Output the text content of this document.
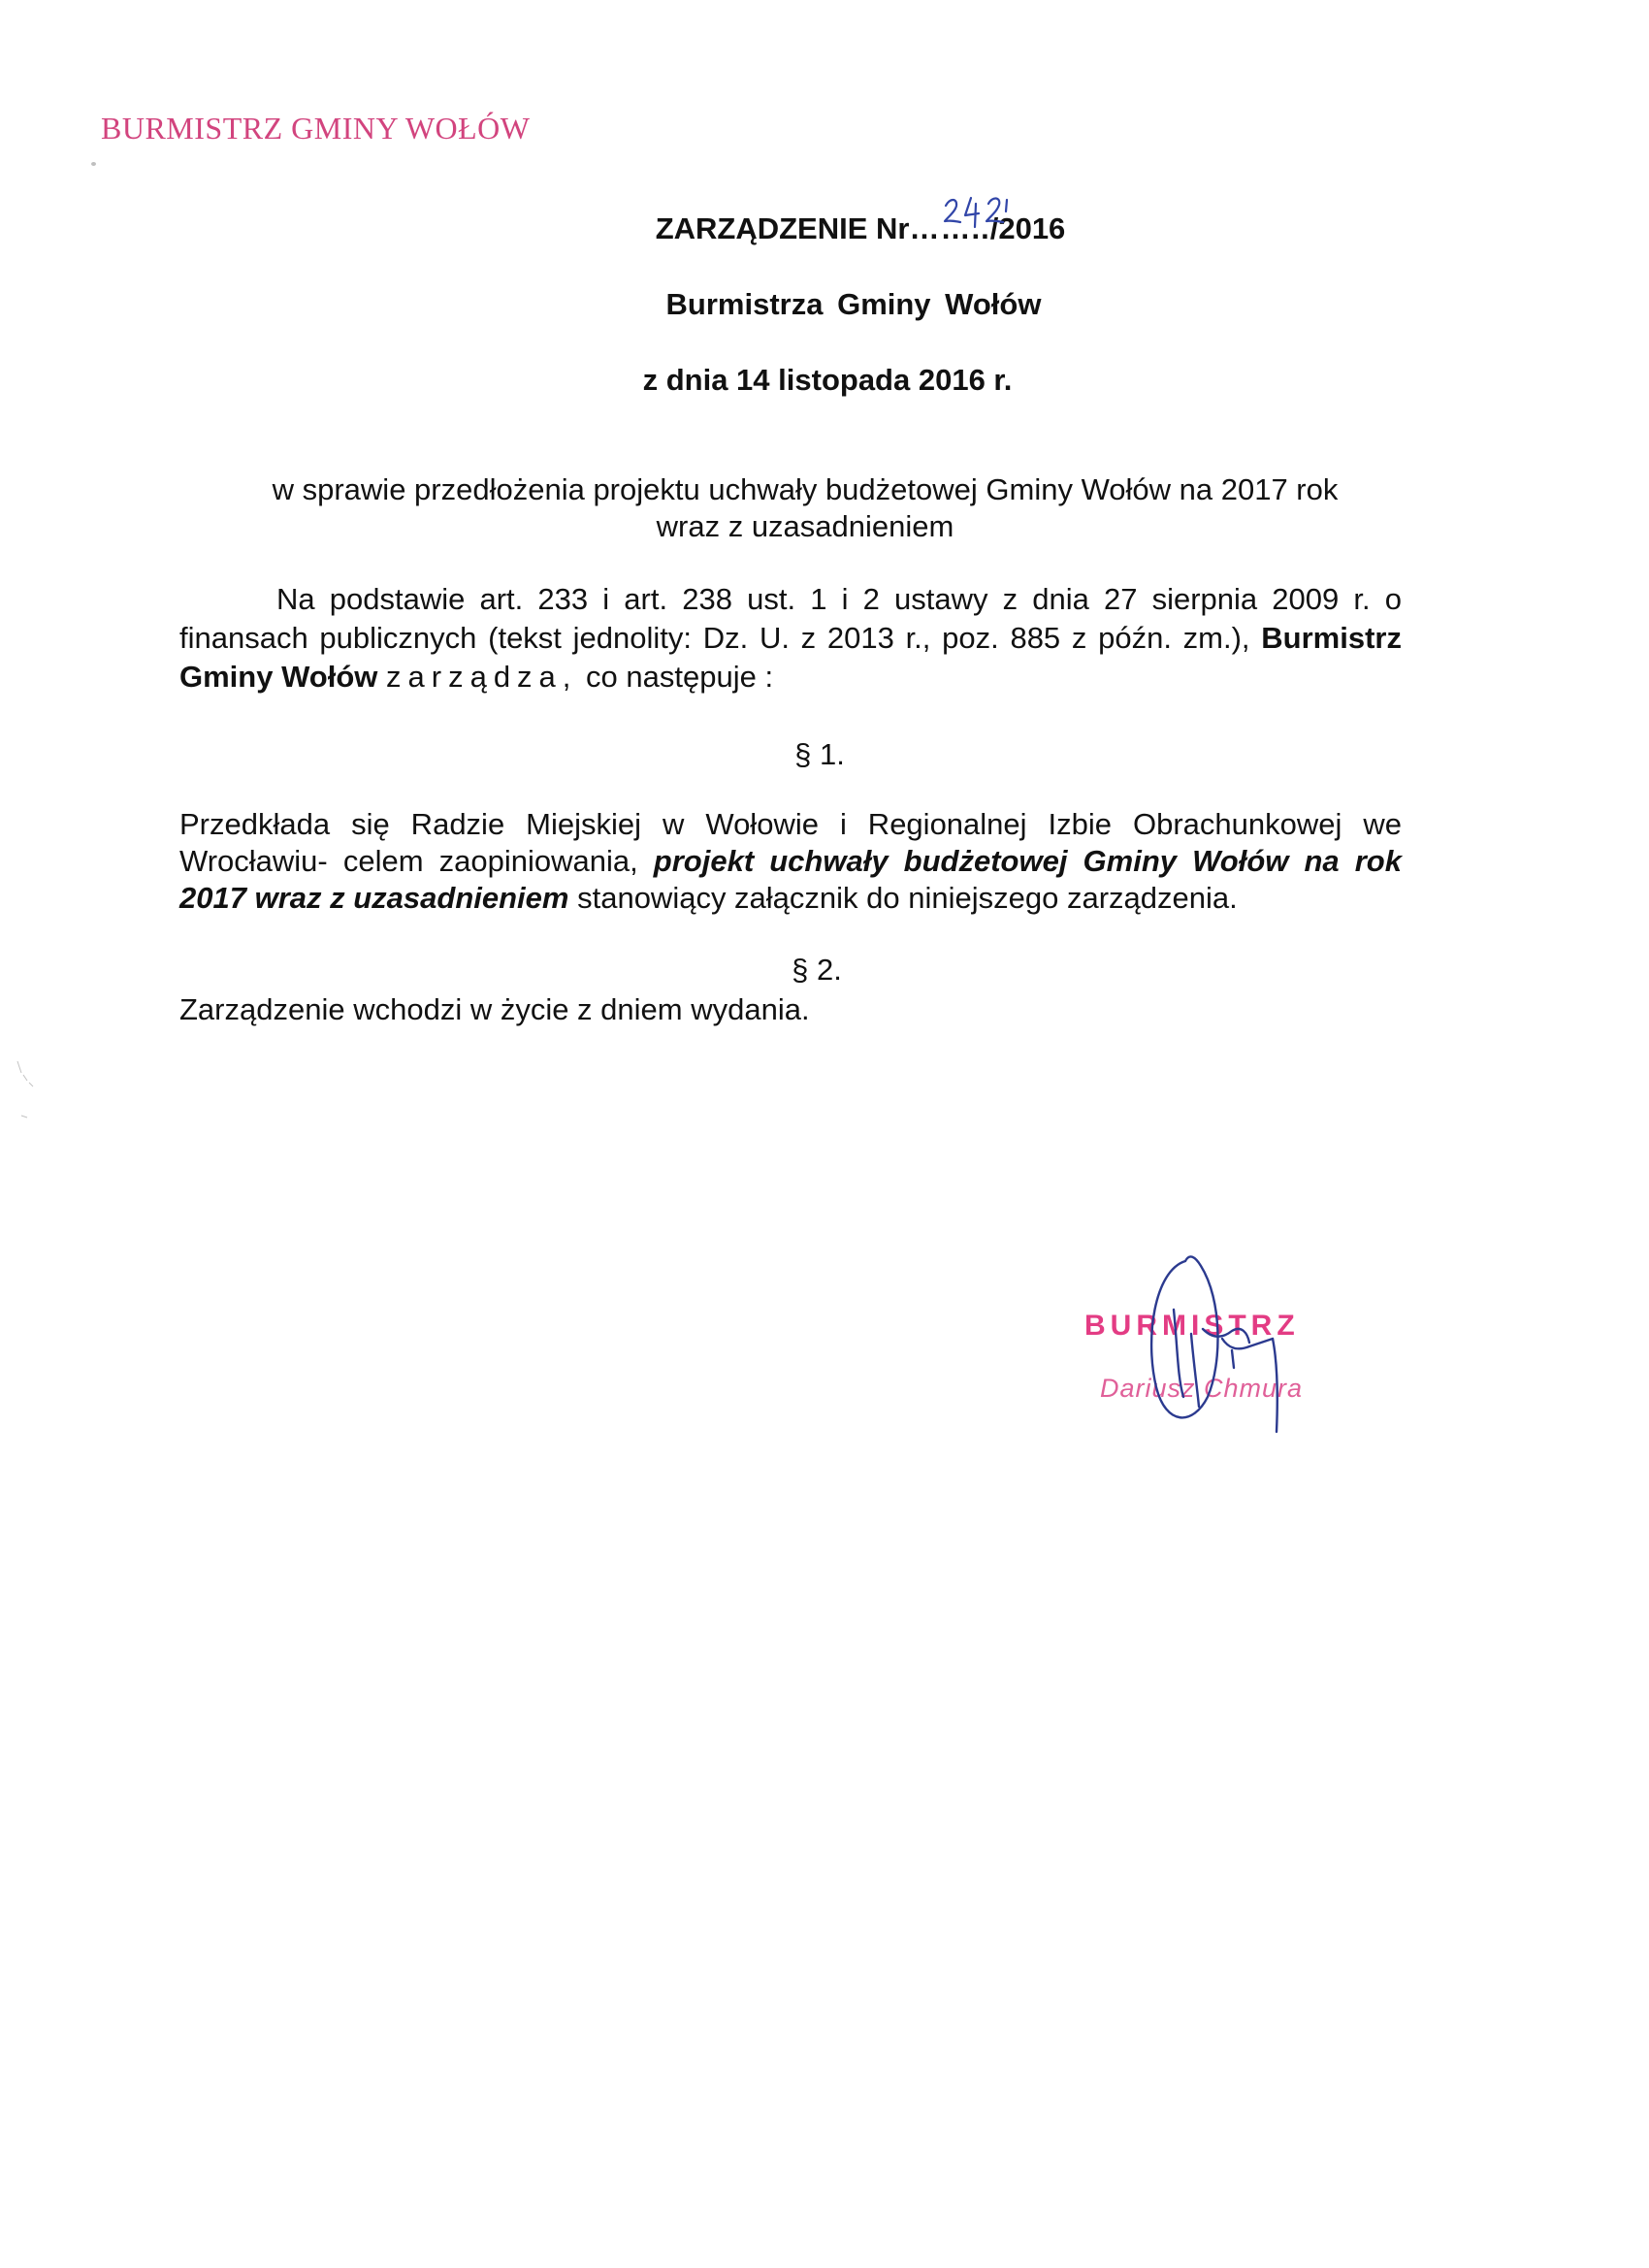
BURMISTRZ GMINY WOŁÓW
ZARZĄDZENIE Nr……../2016
Burmistrza Gminy Wołów
z dnia 14 listopada 2016 r.
w sprawie przedłożenia projektu uchwały budżetowej Gminy Wołów na 2017 rok
wraz z uzasadnieniem
Na podstawie art. 233 i art. 238 ust. 1 i 2 ustawy z dnia 27 sierpnia 2009 r. o finansach publicznych (tekst jednolity: Dz. U. z 2013 r., poz. 885 z późn. zm.), Burmistrz Gminy Wołów zarządza, co następuje :
§ 1.
Przedkłada się Radzie Miejskiej w Wołowie i Regionalnej Izbie Obrachunkowej we Wrocławiu- celem zaopiniowania, projekt uchwały budżetowej Gminy Wołów na rok 2017 wraz z uzasadnieniem stanowiący załącznik do niniejszego zarządzenia.
§ 2.
Zarządzenie wchodzi w życie z dniem wydania.
BURMISTRZ
Dariusz Chmura
